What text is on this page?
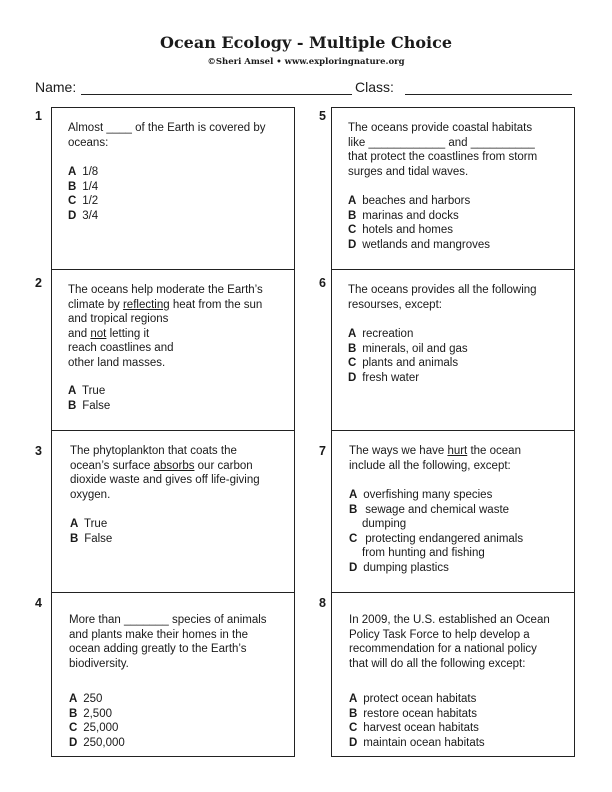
Ocean Ecology - Multiple Choice
©Sheri Amsel • www.exploringnature.org
Name:	Class:
1
2
3
4
5
6
7
8
Almost ____ of the Earth is covered by
oceans:
A 1/8
B 1/4
C 1/2
D 3/4
The oceans help moderate the Earth’s
climate by reflecting heat from the sun
and tropical regions
and not letting it
reach coastlines and
other land masses.
A True
B False
The phytoplankton that coats the
ocean’s surface absorbs our carbon
dioxide waste and gives off life-giving
oxygen.
A True
B False
More than _______ species of animals
and plants make their homes in the
ocean adding greatly to the Earth’s
biodiversity.
A 250
B 2,500
C 25,000
D 250,000
The oceans provide coastal habitats
like ____________ and __________
that protect the coastlines from storm
surges and tidal waves.
A beaches and harbors
B marinas and docks
C hotels and homes
D wetlands and mangroves
The oceans provides all the following
resourses, except:
A recreation
B minerals, oil and gas
C plants and animals
D fresh water
The ways we have hurt the ocean
include all the following, except:
A overfishing many species
B sewage and chemical waste dumping
C protecting endangered animals from hunting and fishing
D dumping plastics
In 2009, the U.S. established an Ocean
Policy Task Force to help develop a
recommendation for a national policy
that will do all the following except:
A protect ocean habitats
B restore ocean habitats
C harvest ocean habitats
D maintain ocean habitats
